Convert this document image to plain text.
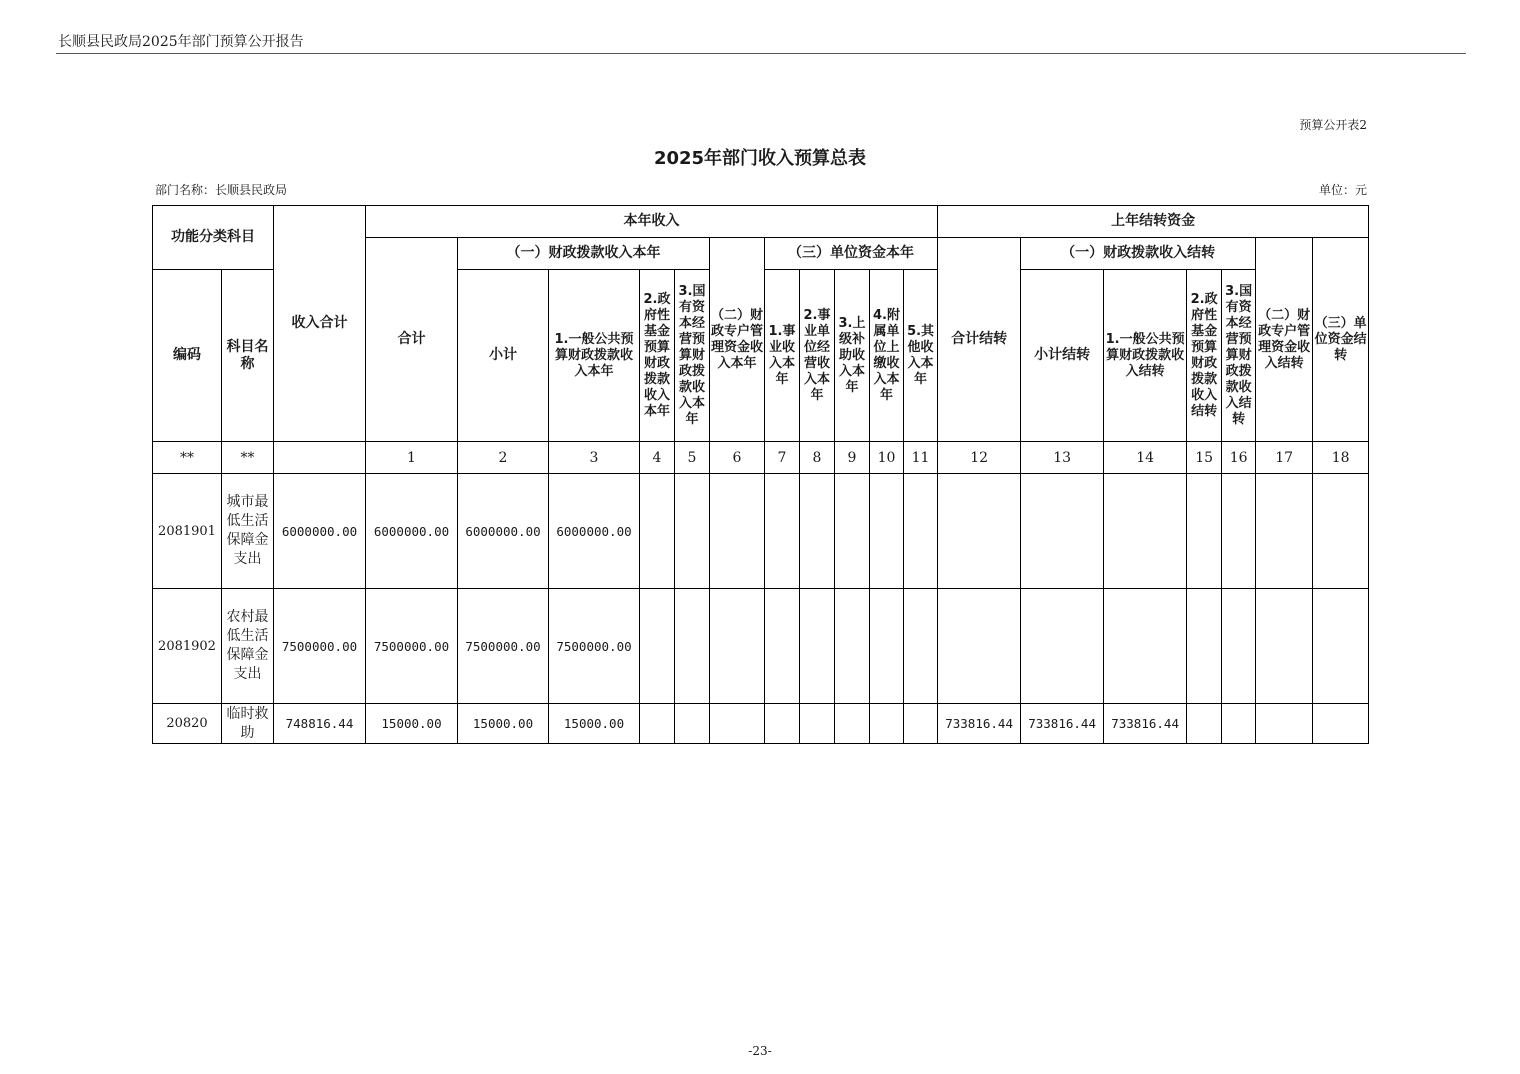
长顺县民政局2025年部门预算公开报告
预算公开表2
2025年部门收入预算总表
部门名称：长顺县民政局	单位：元
功能分类科目		收入合计	本年收入											上年结转资金						
			合计	（一）财政拨款收入本年				（二）财政专户管理资金收入本年	（三）单位资金本年					合计结转	（一）财政拨款收入结转				（二）财政专户管理资金收入结转	（三）单位资金结转
编码	科目名称			小计	1.一般公共预算财政拨款收入本年	2.政府性基金预算财政拨款收入本年	3.国有资本经营预算财政拨款收入本年		1.事业收入本年	2.事业单位经营收入本年	3.上级补助收入本年	4.附属单位上缴收入本年	5.其他收入本年		小计结转	1.一般公共预算财政拨款收入结转	2.政府性基金预算财政拨款收入结转	3.国有资本经营预算财政拨款收入结转		

**	**		1	2	3	4	5	6	7	8	9	10	11	12	13	14	15	16	17	18
2081901	城市最低生活保障金支出	6000000.00	6000000.00	6000000.00	6000000.00															
2081902	农村最低生活保障金支出	7500000.00	7500000.00	7500000.00	7500000.00															
20820	临时救助	748816.44	15000.00	15000.00	15000.00									733816.44	733816.44	733816.44				
-23-
